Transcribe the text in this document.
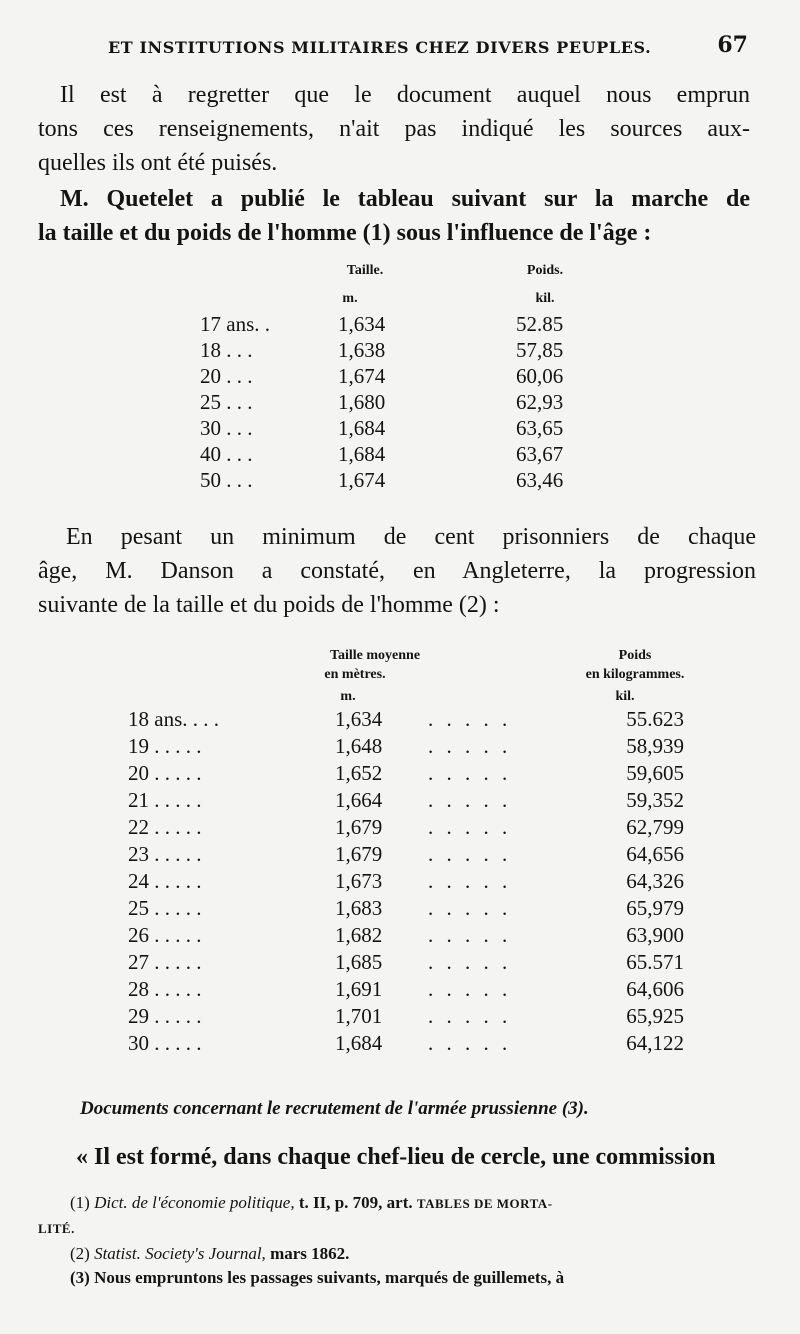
ET INSTITUTIONS MILITAIRES CHEZ DIVERS PEUPLES.	67
Il est à regretter que le document auquel nous emprun
tons ces renseignements, n'ait pas indiqué les sources aux-
quelles ils ont été puisés.
M. Quetelet a publié le tableau suivant sur la marche de
la taille et du poids de l'homme (1) sous l'influence de l'âge :
Taille.	Poids.
m.	kil.
17 ans. .	1,634	52.85
18 . . .	1,638	57,85
20 . . .	1,674	60,06
25 . . .	1,680	62,93
30 . . .	1,684	63,65
40 . . .	1,684	63,67
50 . . .	1,674	63,46
En pesant un minimum de cent prisonniers de chaque
âge, M. Danson a constaté, en Angleterre, la progression
suivante de la taille et du poids de l'homme (2) :
Taille moyenne
en mètres.
m.
Poids
en kilogrammes.
kil.
18 ans. . . .	1,634	. . . . .	55.623
19 . . . . .	1,648	. . . . .	58,939
20 . . . . .	1,652	. . . . .	59,605
21 . . . . .	1,664	. . . . .	59,352
22 . . . . .	1,679	. . . . .	62,799
23 . . . . .	1,679	. . . . .	64,656
24 . . . . .	1,673	. . . . .	64,326
25 . . . . .	1,683	. . . . .	65,979
26 . . . . .	1,682	. . . . .	63,900
27 . . . . .	1,685	. . . . .	65.571
28 . . . . .	1,691	. . . . .	64,606
29 . . . . .	1,701	. . . . .	65,925
30 . . . . .	1,684	. . . . .	64,122
Documents concernant le recrutement de l'armée prussienne (3).
« Il est formé, dans chaque chef-lieu de cercle, une commission
(1) Dict. de l'économie politique, t. II, p. 709, art. TABLES DE MORTA-
LITÉ.
(2) Statist. Society's Journal, mars 1862.
(3) Nous empruntons les passages suivants, marqués de guillemets, à
